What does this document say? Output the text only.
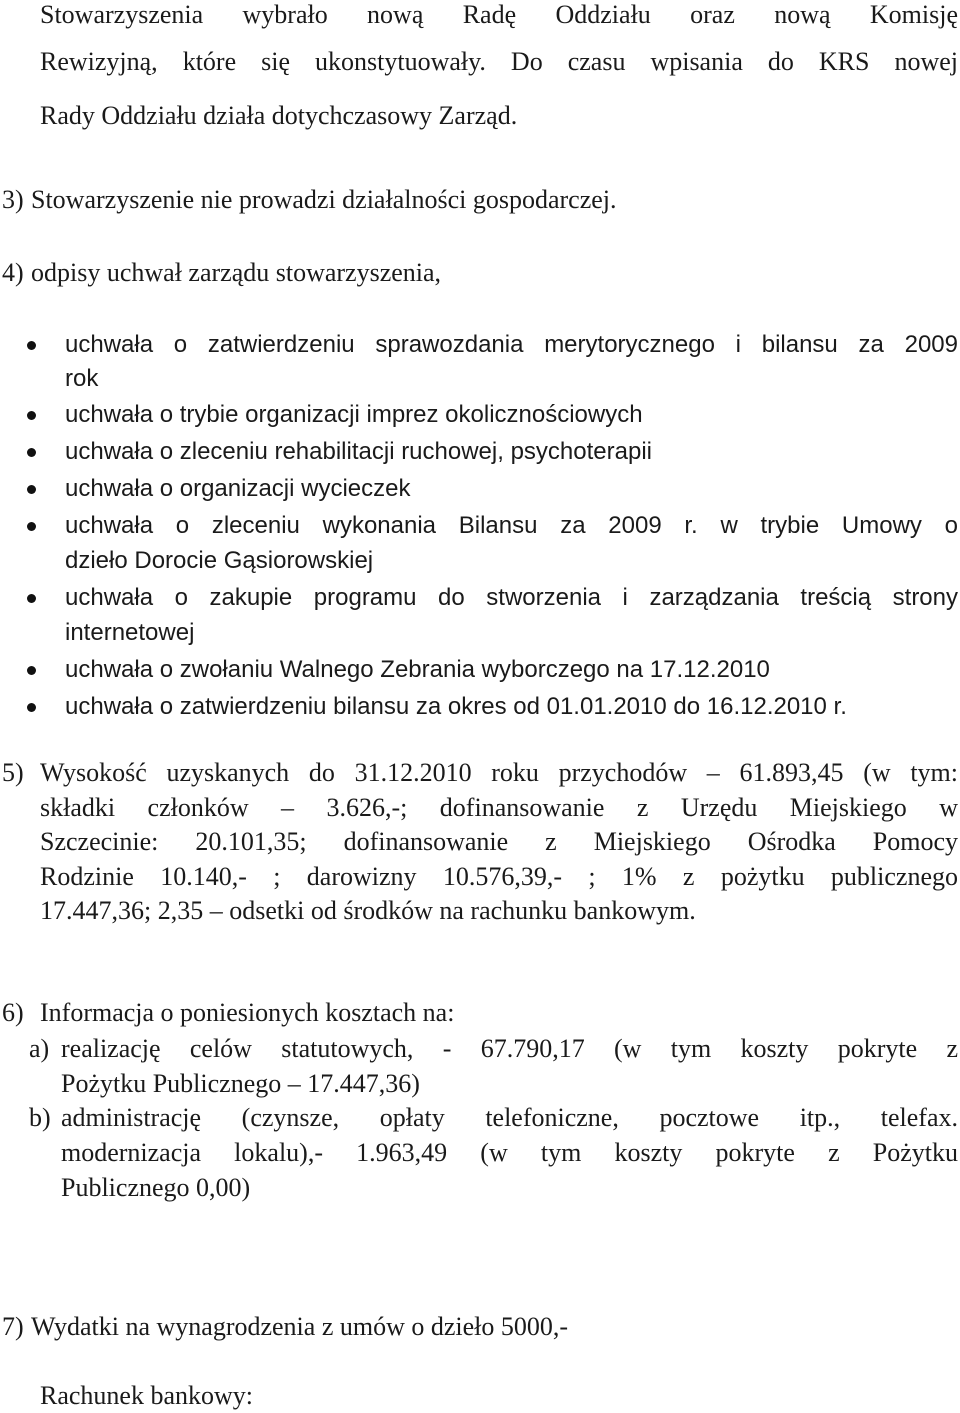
Stowarzyszenia wybrało nową Radę Oddziału oraz nową Komisję
Rewizyjną, które się ukonstytuowały. Do czasu wpisania do KRS nowej
Rady Oddziału działa dotychczasowy Zarząd.
3) Stowarzyszenie nie prowadzi działalności gospodarczej.
4) odpisy uchwał zarządu stowarzyszenia,
uchwała o zatwierdzeniu sprawozdania merytorycznego i bilansu za 2009
rok
uchwała o trybie organizacji imprez okolicznościowych
uchwała o zleceniu rehabilitacji ruchowej, psychoterapii
uchwała o organizacji wycieczek
uchwała o zleceniu wykonania Bilansu za 2009 r. w trybie Umowy o
dzieło Dorocie Gąsiorowskiej
uchwała o zakupie programu do stworzenia i zarządzania treścią strony
internetowej
uchwała o zwołaniu Walnego Zebrania wyborczego na 17.12.2010
uchwała o zatwierdzeniu bilansu za okres od 01.01.2010 do 16.12.2010 r.
5) Wysokość uzyskanych do 31.12.2010 roku przychodów – 61.893,45 (w tym:
składki członków – 3.626,-; dofinansowanie z Urzędu Miejskiego w
Szczecinie: 20.101,35; dofinansowanie z Miejskiego Ośrodka Pomocy
Rodzinie 10.140,- ; darowizny 10.576,39,- ; 1% z pożytku publicznego
17.447,36; 2,35 – odsetki od środków na rachunku bankowym.
6) Informacja o poniesionych kosztach na:
a) realizację celów statutowych, - 67.790,17 (w tym koszty pokryte z
Pożytku Publicznego – 17.447,36)
b) administrację (czynsze, opłaty telefoniczne, pocztowe itp., telefax.
modernizacja lokalu),- 1.963,49 (w tym koszty pokryte z Pożytku
Publicznego 0,00)
7) Wydatki na wynagrodzenia z umów o dzieło 5000,-
Rachunek bankowy:
